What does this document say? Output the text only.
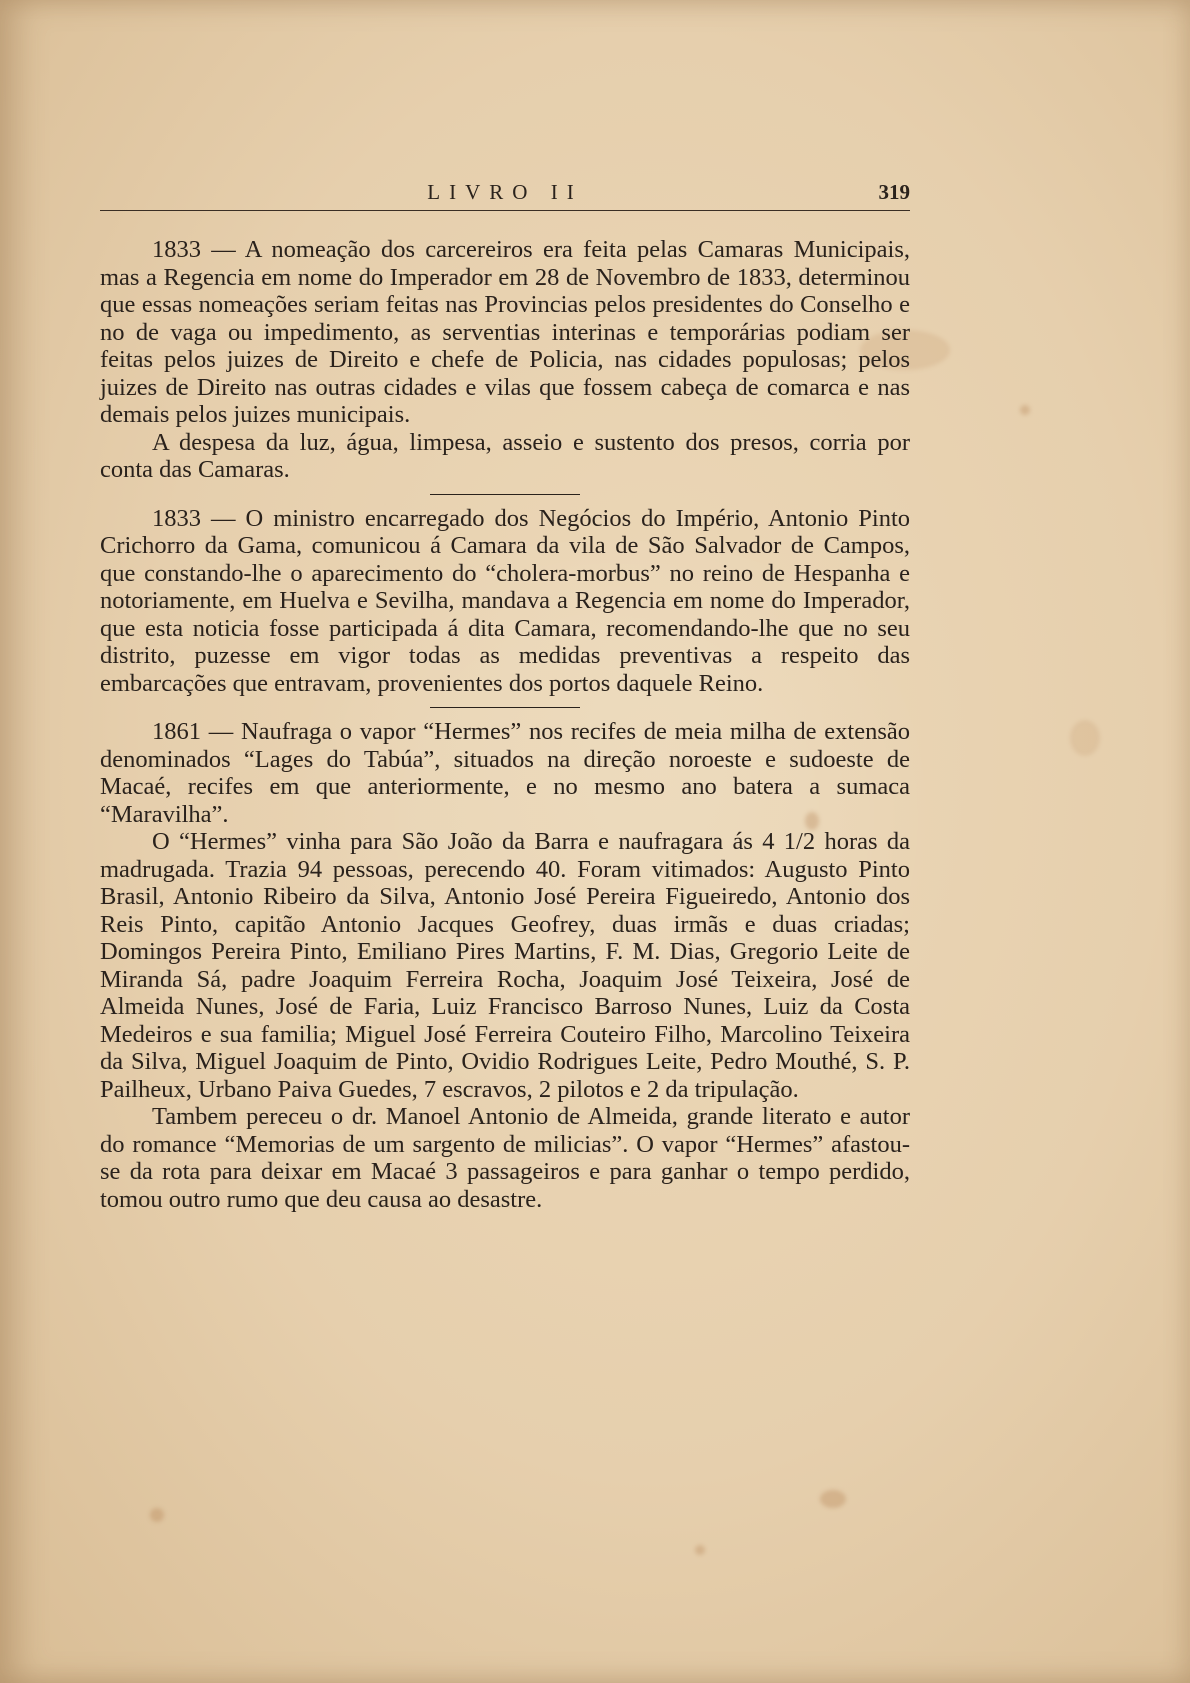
LIVRO II	319

1833 — A nomeação dos carcereiros era feita pelas Camaras Municipais, mas a Regencia em nome do Imperador em 28 de Novembro de 1833, determinou que essas nomeações seriam feitas nas Provincias pelos presidentes do Conselho e no de vaga ou impedimento, as serventias interinas e temporárias podiam ser feitas pelos juizes de Direito e chefe de Policia, nas cidades populosas; pelos juizes de Direito nas outras cidades e vilas que fossem cabeça de comarca e nas demais pelos juizes municipais.

A despesa da luz, água, limpesa, asseio e sustento dos presos, corria por conta das Camaras.

1833 — O ministro encarregado dos Negócios do Império, Antonio Pinto Crichorro da Gama, comunicou á Camara da vila de São Salvador de Campos, que constando-lhe o aparecimento do “cholera-morbus” no reino de Hespanha e notoriamente, em Huelva e Sevilha, mandava a Regencia em nome do Imperador, que esta noticia fosse participada á dita Camara, recomendando-lhe que no seu distrito, puzesse em vigor todas as medidas preventivas a respeito das embarcações que entravam, provenientes dos portos daquele Reino.

1861 — Naufraga o vapor “Hermes” nos recifes de meia milha de extensão denominados “Lages do Tabúa”, situados na direção noroeste e sudoeste de Macaé, recifes em que anteriormente, e no mesmo ano batera a sumaca “Maravilha”.

O “Hermes” vinha para São João da Barra e naufragara ás 4 1/2 horas da madrugada. Trazia 94 pessoas, perecendo 40. Foram vitimados: Augusto Pinto Brasil, Antonio Ribeiro da Silva, Antonio José Pereira Figueiredo, Antonio dos Reis Pinto, capitão Antonio Jacques Geofrey, duas irmãs e duas criadas; Domingos Pereira Pinto, Emiliano Pires Martins, F. M. Dias, Gregorio Leite de Miranda Sá, padre Joaquim Ferreira Rocha, Joaquim José Teixeira, José de Almeida Nunes, José de Faria, Luiz Francisco Barroso Nunes, Luiz da Costa Medeiros e sua familia; Miguel José Ferreira Couteiro Filho, Marcolino Teixeira da Silva, Miguel Joaquim de Pinto, Ovidio Rodrigues Leite, Pedro Mouthé, S. P. Pailheux, Urbano Paiva Guedes, 7 escravos, 2 pilotos e 2 da tripulação.

Tambem pereceu o dr. Manoel Antonio de Almeida, grande literato e autor do romance “Memorias de um sargento de milicias”. O vapor “Hermes” afastou-se da rota para deixar em Macaé 3 passageiros e para ganhar o tempo perdido, tomou outro rumo que deu causa ao desastre.
